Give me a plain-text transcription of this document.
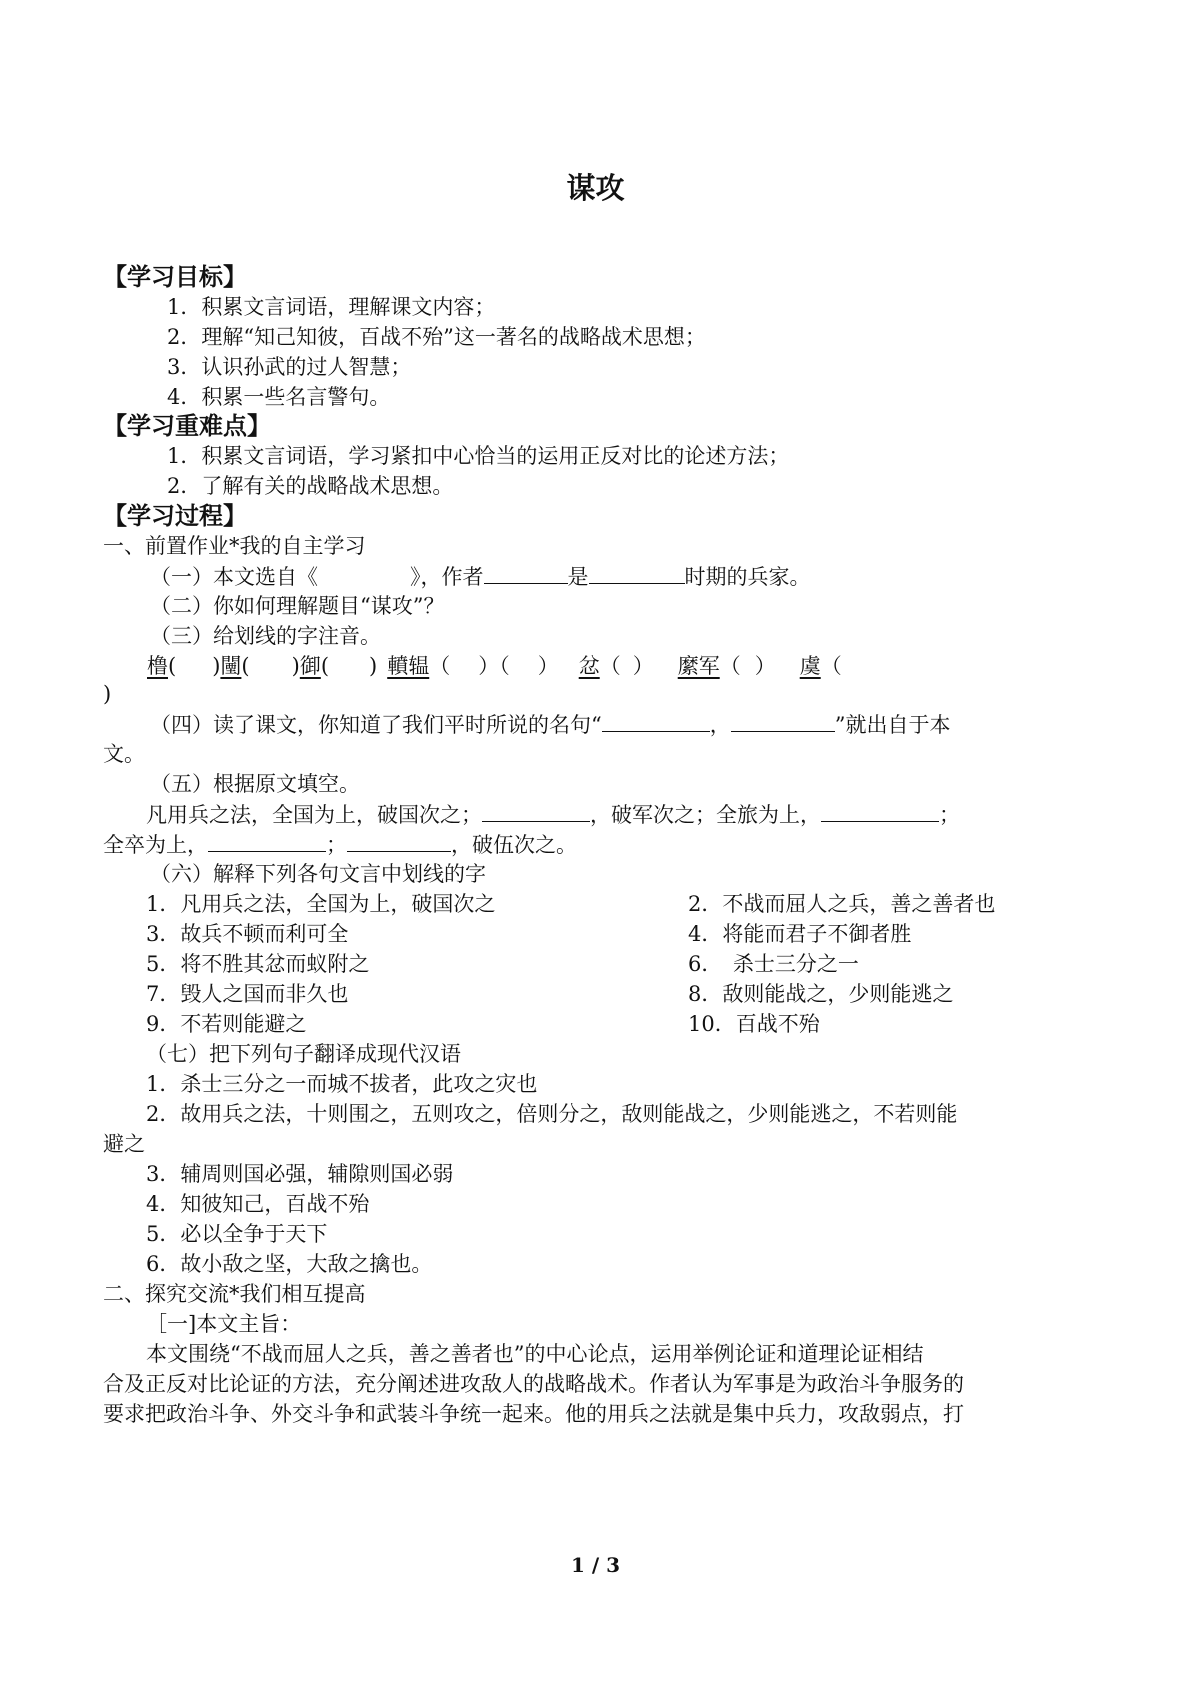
谋攻
【学习目标】
1．积累文言词语，理解课文内容；
2．理解“知己知彼，百战不殆”这一著名的战略战术思想；
3．认识孙武的过人智慧；
4．积累一些名言警句。
【学习重难点】
1．积累文言词语，学习紧扣中心恰当的运用正反对比的论述方法；
2．了解有关的战略战术思想。
【学习过程】
一、前置作业*我的自主学习
（一）本文选自《	》，作者	是	时期的兵家。
（二）你如何理解题目“谋攻”？
（三）给划线的字注音。
橹( )闉( )御( ) 轒辒（ ）（ ） 忿（ ） 縻军（ ） 虞（
)
（四）读了课文，你知道了我们平时所说的名句“	，	”就出自于本
文。
（五）根据原文填空。
凡用兵之法，全国为上，破国次之；	，破军次之；全旅为上，	；
全卒为上，	；	，破伍次之。
（六）解释下列各句文言中划线的字
1．凡用兵之法，全国为上，破国次之	2．不战而屈人之兵，善之善者也
3．故兵不顿而利可全	4．将能而君子不御者胜
5．将不胜其忿而蚁附之	6．　杀士三分之一
7．毁人之国而非久也	8．敌则能战之，少则能逃之
9．不若则能避之	10．百战不殆
（七）把下列句子翻译成现代汉语
1．杀士三分之一而城不拔者，此攻之灾也
2．故用兵之法，十则围之，五则攻之，倍则分之，敌则能战之，少则能逃之，不若则能
避之
3．辅周则国必强，辅隙则国必弱
4．知彼知己，百战不殆
5．必以全争于天下
6．故小敌之坚，大敌之擒也。
二、探究交流*我们相互提高
［一]本文主旨：
本文围绕“不战而屈人之兵，善之善者也”的中心论点，运用举例论证和道理论证相结
合及正反对比论证的方法，充分阐述进攻敌人的战略战术。作者认为军事是为政治斗争服务的
要求把政治斗争、外交斗争和武装斗争统一起来。他的用兵之法就是集中兵力，攻敌弱点，打
1 / 3
